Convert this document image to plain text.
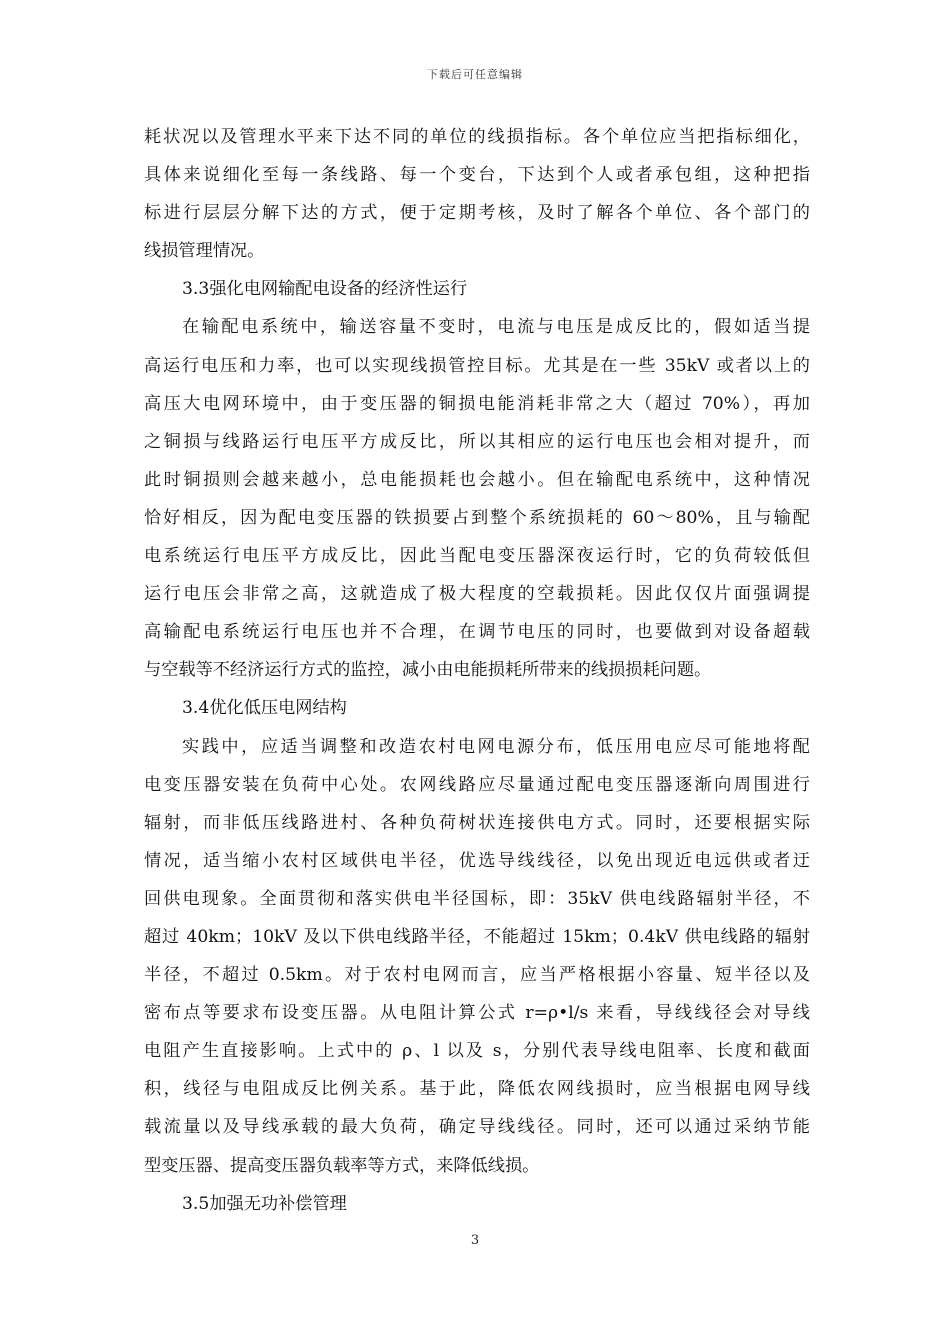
下载后可任意编辑
耗状况以及管理水平来下达不同的单位的线损指标。各个单位应当把指标细化，
具体来说细化至每一条线路、每一个变台，下达到个人或者承包组，这种把指
标进行层层分解下达的方式，便于定期考核，及时了解各个单位、各个部门的
线损管理情况。
3.3强化电网输配电设备的经济性运行
在输配电系统中，输送容量不变时，电流与电压是成反比的，假如适当提
高运行电压和力率，也可以实现线损管控目标。尤其是在一些 35kV 或者以上的
高压大电网环境中，由于变压器的铜损电能消耗非常之大（超过 70%），再加
之铜损与线路运行电压平方成反比，所以其相应的运行电压也会相对提升，而
此时铜损则会越来越小，总电能损耗也会越小。但在输配电系统中，这种情况
恰好相反，因为配电变压器的铁损要占到整个系统损耗的 60～80%，且与输配
电系统运行电压平方成反比，因此当配电变压器深夜运行时，它的负荷较低但
运行电压会非常之高，这就造成了极大程度的空载损耗。因此仅仅片面强调提
高输配电系统运行电压也并不合理，在调节电压的同时，也要做到对设备超载
与空载等不经济运行方式的监控，减小由电能损耗所带来的线损损耗问题。
3.4优化低压电网结构
实践中，应适当调整和改造农村电网电源分布，低压用电应尽可能地将配
电变压器安装在负荷中心处。农网线路应尽量通过配电变压器逐渐向周围进行
辐射，而非低压线路进村、各种负荷树状连接供电方式。同时，还要根据实际
情况，适当缩小农村区域供电半径，优选导线线径，以免出现近电远供或者迂
回供电现象。全面贯彻和落实供电半径国标，即：35kV 供电线路辐射半径，不
超过 40km；10kV 及以下供电线路半径，不能超过 15km；0.4kV 供电线路的辐射
半径，不超过 0.5km。对于农村电网而言，应当严格根据小容量、短半径以及
密布点等要求布设变压器。从电阻计算公式 r=ρ•l/s 来看，导线线径会对导线
电阻产生直接影响。上式中的 ρ、l 以及 s，分别代表导线电阻率、长度和截面
积，线径与电阻成反比例关系。基于此，降低农网线损时，应当根据电网导线
载流量以及导线承载的最大负荷，确定导线线径。同时，还可以通过采纳节能
型变压器、提高变压器负载率等方式，来降低线损。
3.5加强无功补偿管理
3
